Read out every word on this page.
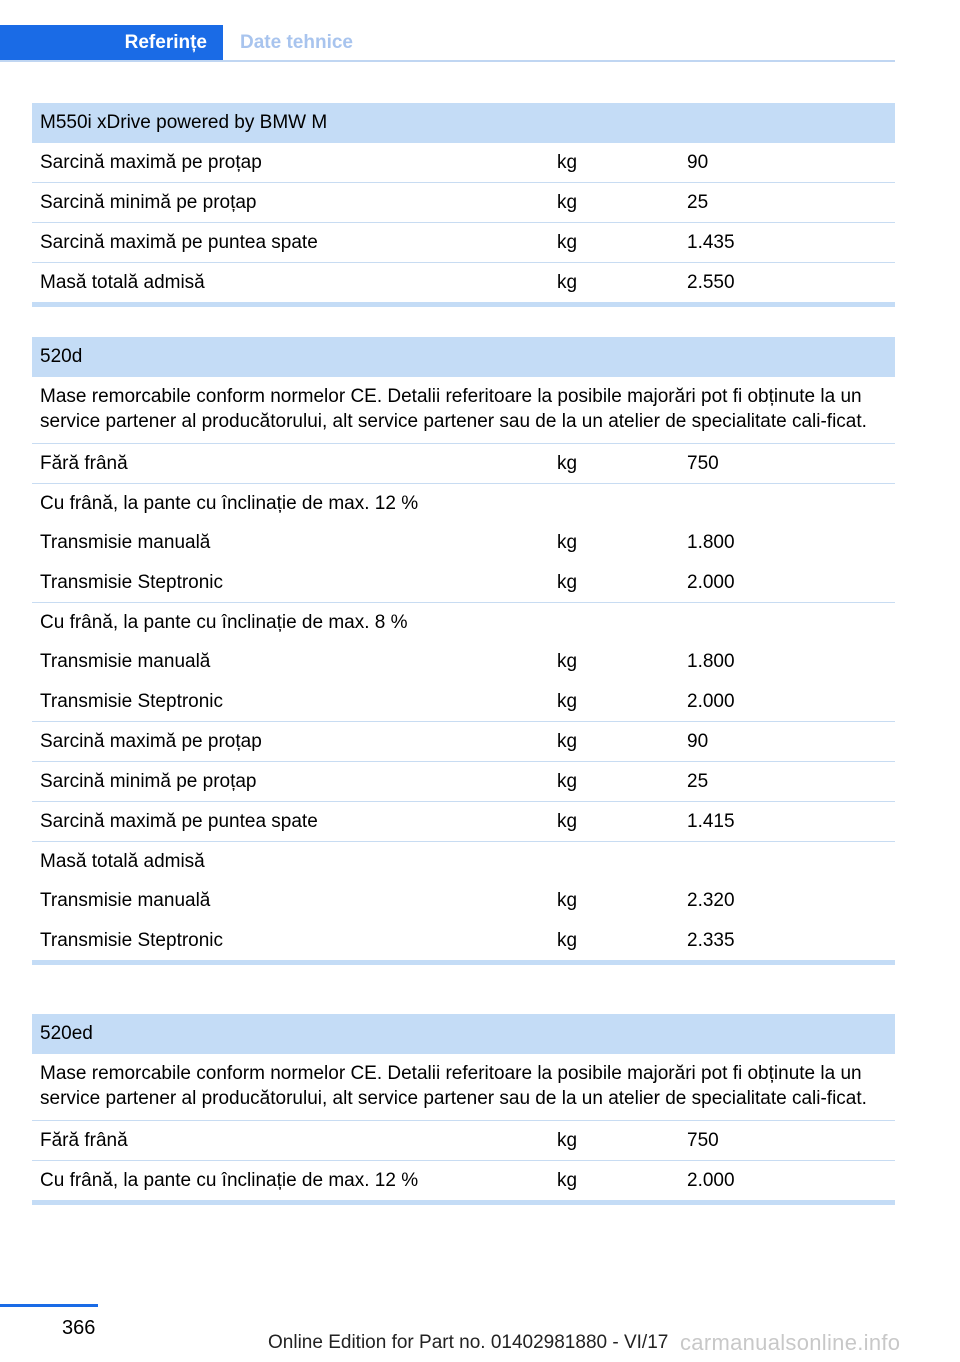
Referințe	Date tehnice
M550i xDrive powered by BMW M
Sarcină maximă pe proțap	kg	90
Sarcină minimă pe proțap	kg	25
Sarcină maximă pe puntea spate	kg	1.435
Masă totală admisă	kg	2.550
520d
Mase remorcabile conform normelor CE. Detalii referitoare la posibile majorări pot fi obținute la un service partener al producătorului, alt service partener sau de la un atelier de specialitate cali-ficat.
Fără frână	kg	750
Cu frână, la pante cu înclinație de max. 12 %
Transmisie manuală	kg	1.800
Transmisie Steptronic	kg	2.000
Cu frână, la pante cu înclinație de max. 8 %
Transmisie manuală	kg	1.800
Transmisie Steptronic	kg	2.000
Sarcină maximă pe proțap	kg	90
Sarcină minimă pe proțap	kg	25
Sarcină maximă pe puntea spate	kg	1.415
Masă totală admisă
Transmisie manuală	kg	2.320
Transmisie Steptronic	kg	2.335
520ed
Mase remorcabile conform normelor CE. Detalii referitoare la posibile majorări pot fi obținute la un service partener al producătorului, alt service partener sau de la un atelier de specialitate cali-ficat.
Fără frână	kg	750
Cu frână, la pante cu înclinație de max. 12 %	kg	2.000
366
Online Edition for Part no. 01402981880 - VI/17 carmanualsonline.info
